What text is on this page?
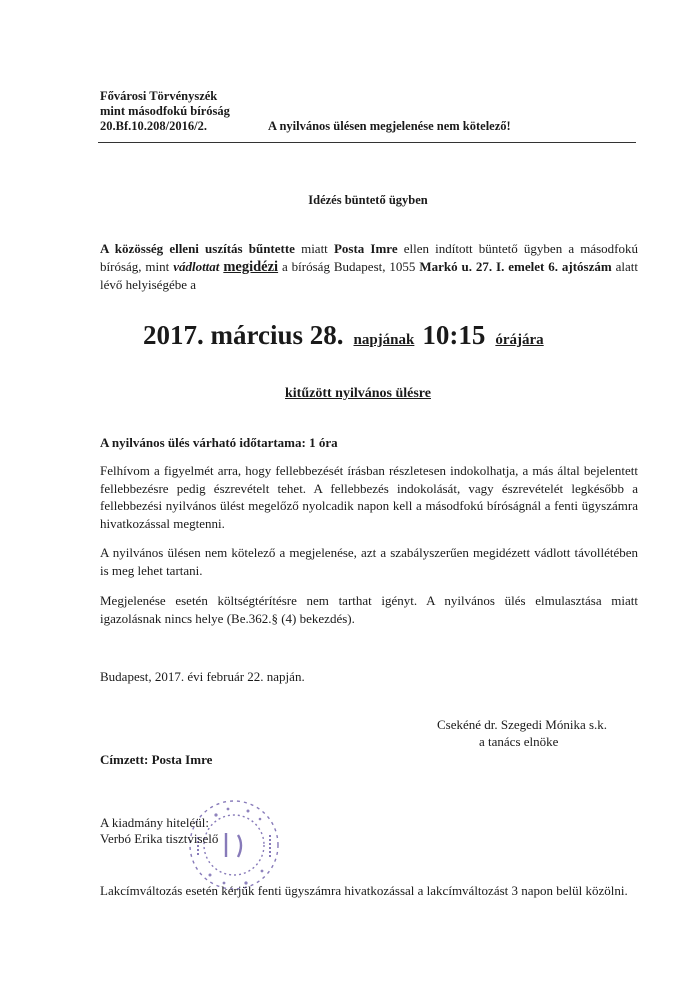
Fővárosi Törvényszék
mint másodfokú bíróság
20.Bf.10.208/2016/2.	A nyilvános ülésen megjelenése nem kötelező!
Idézés büntető ügyben
A közösség elleni uszítás bűntette miatt Posta Imre ellen indított büntető ügyben a másodfokú bíróság, mint vádlottat megidézi a bíróság Budapest, 1055 Markó u. 27. I. emelet 6. ajtószám alatt lévő helyiségébe a
2017. március 28. napjának 10:15 órájára
kitűzött nyilvános ülésre
A nyilvános ülés várható időtartama: 1 óra
Felhívom a figyelmét arra, hogy fellebbezését írásban részletesen indokolhatja, a más által bejelentett fellebbezésre pedig észrevételt tehet. A fellebbezés indokolását, vagy észrevételét legkésőbb a fellebbezési nyilvános ülést megelőző nyolcadik napon kell a másodfokú bíróságnál a fenti ügyszámra hivatkozással megtenni.
A nyilvános ülésen nem kötelező a megjelenése, azt a szabályszerűen megidézett vádlott távollétében is meg lehet tartani.
Megjelenése esetén költségtérítésre nem tarthat igényt. A nyilvános ülés elmulasztása miatt igazolásnak nincs helye (Be.362.§ (4) bekezdés).
Budapest, 2017. évi február 22. napján.
Csekéné dr. Szegedi Mónika s.k.
a tanács elnöke
Címzett: Posta Imre
A kiadmány hiteléül:
Verbó Erika tisztviselő
Lakcímváltozás esetén kérjük fenti ügyszámra hivatkozással a lakcímváltozást 3 napon belül közölni.
